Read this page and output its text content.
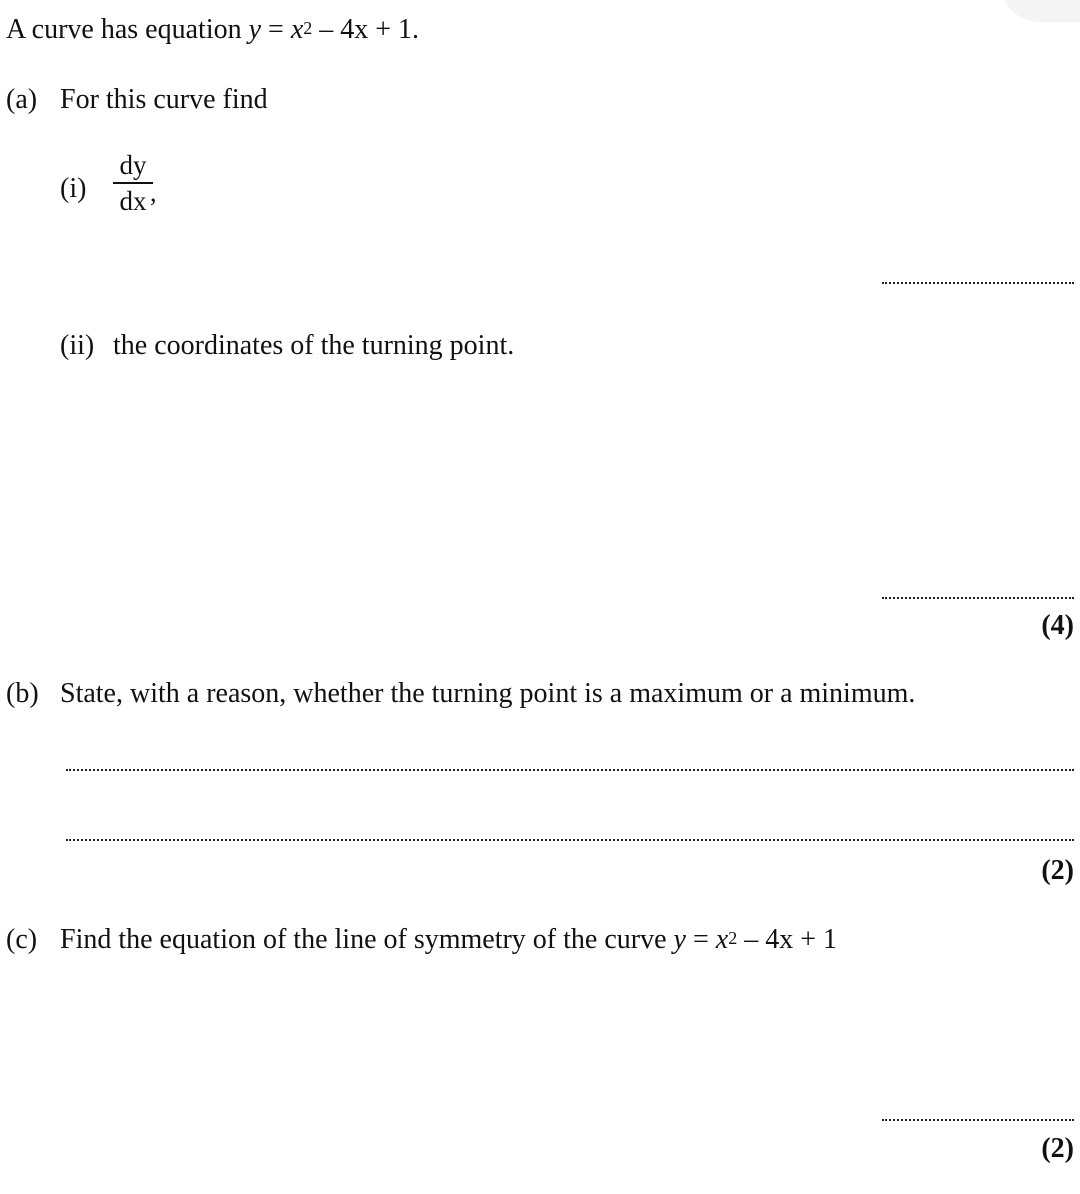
A curve has equation $y = x^2 - 4x + 1$.
(a) For this curve find
(i)
dy
dx ,
(ii) the coordinates of the turning point.
(4)
(b) State, with a reason, whether the turning point is a maximum or a minimum.
(2)
(c) Find the equation of the line of symmetry of the curve $y = x^2 - 4x + 1$
(2)
